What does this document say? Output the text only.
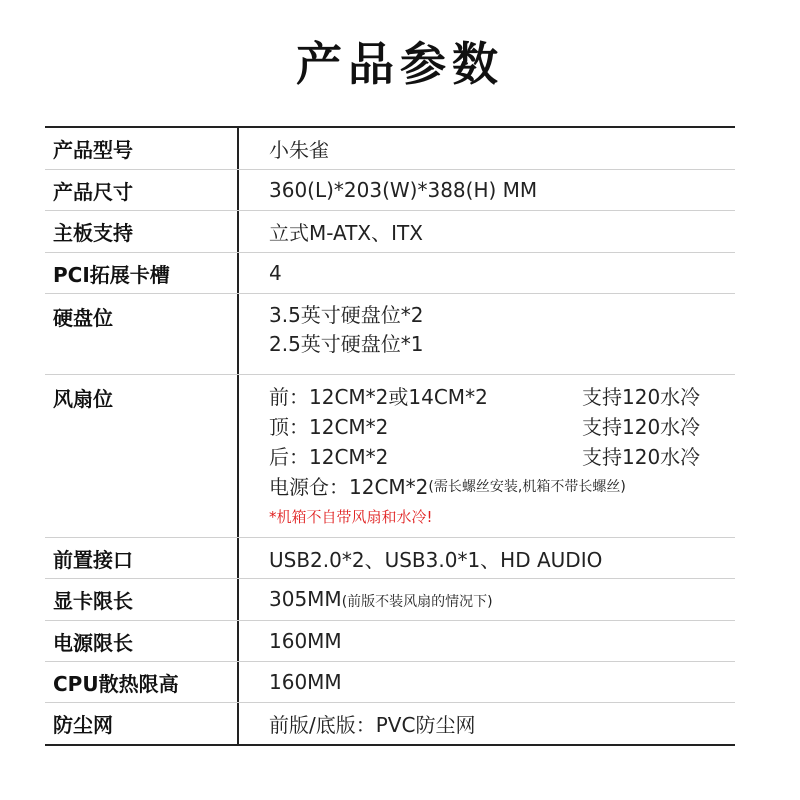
产品参数
产品型号	小朱雀
产品尺寸	360(L)*203(W)*388(H) MM
主板支持	立式M-ATX、ITX
PCI拓展卡槽	4
硬盘位	3.5英寸硬盘位*2
2.5英寸硬盘位*1
风扇位	前：12CM*2或14CM*2	支持120水冷
顶：12CM*2	支持120水冷
后：12CM*2	支持120水冷
电源仓：12CM*2 (需长螺丝安装,机箱不带长螺丝)
*机箱不自带风扇和水冷!
前置接口	USB2.0*2、USB3.0*1、HD AUDIO
显卡限长	305MM(前版不装风扇的情况下)
电源限长	160MM
CPU散热限高	160MM
防尘网	前版/底版：PVC防尘网
